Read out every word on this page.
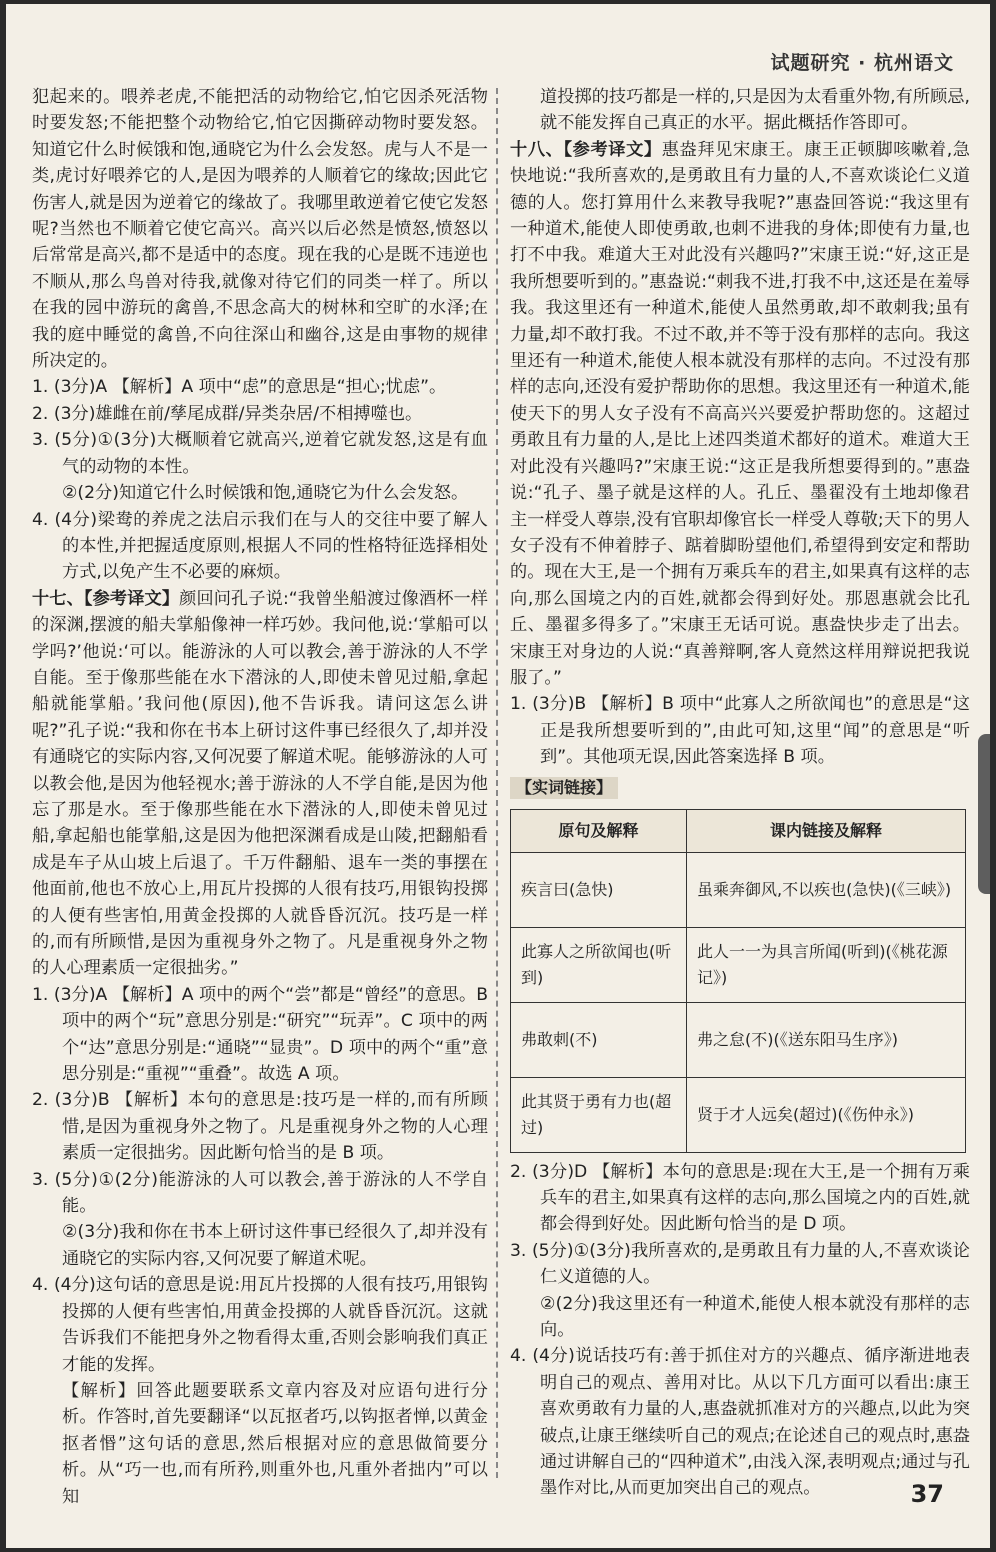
试题研究 · 杭州语文

犯起来的。喂养老虎,不能把活的动物给它,怕它因杀死活物时要发怒;不能把整个动物给它,怕它因撕碎动物时要发怒。知道它什么时候饿和饱,通晓它为什么会发怒。虎与人不是一类,虎讨好喂养它的人,是因为喂养的人顺着它的缘故;因此它伤害人,就是因为逆着它的缘故了。我哪里敢逆着它使它发怒呢?当然也不顺着它使它高兴。高兴以后必然是愤怒,愤怒以后常常是高兴,都不是适中的态度。现在我的心是既不违逆也不顺从,那么鸟兽对待我,就像对待它们的同类一样了。所以在我的园中游玩的禽兽,不思念高大的树林和空旷的水泽;在我的庭中睡觉的禽兽,不向往深山和幽谷,这是由事物的规律所决定的。

1. (3分)A 【解析】A 项中“虑”的意思是“担心;忧虑”。

2. (3分)雄雌在前/孳尾成群/异类杂居/不相搏噬也。

3. (5分)①(3分)大概顺着它就高兴,逆着它就发怒,这是有血气的动物的本性。

②(2分)知道它什么时候饿和饱,通晓它为什么会发怒。

4. (4分)梁鸯的养虎之法启示我们在与人的交往中要了解人的本性,并把握适度原则,根据人不同的性格特征选择相处方式,以免产生不必要的麻烦。

十七、【参考译文】颜回问孔子说:“我曾坐船渡过像酒杯一样的深渊,摆渡的船夫掌船像神一样巧妙。我问他,说:‘掌船可以学吗?’他说:‘可以。能游泳的人可以教会,善于游泳的人不学自能。至于像那些能在水下潜泳的人,即使未曾见过船,拿起船就能掌船。’我问他(原因),他不告诉我。请问这怎么讲呢?”孔子说:“我和你在书本上研讨这件事已经很久了,却并没有通晓它的实际内容,又何况要了解道术呢。能够游泳的人可以教会他,是因为他轻视水;善于游泳的人不学自能,是因为他忘了那是水。至于像那些能在水下潜泳的人,即使未曾见过船,拿起船也能掌船,这是因为他把深渊看成是山陵,把翻船看成是车子从山坡上后退了。千万件翻船、退车一类的事摆在他面前,他也不放心上,用瓦片投掷的人很有技巧,用银钩投掷的人便有些害怕,用黄金投掷的人就昏昏沉沉。技巧是一样的,而有所顾惜,是因为重视身外之物了。凡是重视身外之物的人心理素质一定很拙劣。”

1. (3分)A 【解析】A 项中的两个“尝”都是“曾经”的意思。B 项中的两个“玩”意思分别是:“研究”“玩弄”。C 项中的两个“达”意思分别是:“通晓”“显贵”。D 项中的两个“重”意思分别是:“重视”“重叠”。故选 A 项。

2. (3分)B 【解析】本句的意思是:技巧是一样的,而有所顾惜,是因为重视身外之物了。凡是重视身外之物的人心理素质一定很拙劣。因此断句恰当的是 B 项。

3. (5分)①(2分)能游泳的人可以教会,善于游泳的人不学自能。

②(3分)我和你在书本上研讨这件事已经很久了,却并没有通晓它的实际内容,又何况要了解道术呢。

4. (4分)这句话的意思是说:用瓦片投掷的人很有技巧,用银钩投掷的人便有些害怕,用黄金投掷的人就昏昏沉沉。这就告诉我们不能把身外之物看得太重,否则会影响我们真正才能的发挥。

【解析】回答此题要联系文章内容及对应语句进行分析。作答时,首先要翻译“以瓦抠者巧,以钩抠者惮,以黄金抠者惽”这句话的意思,然后根据对应的意思做简要分析。从“巧一也,而有所矜,则重外也,凡重外者拙内”可以知

道投掷的技巧都是一样的,只是因为太看重外物,有所顾忌,就不能发挥自己真正的水平。据此概括作答即可。

十八、【参考译文】惠盎拜见宋康王。康王正顿脚咳嗽着,急快地说:“我所喜欢的,是勇敢且有力量的人,不喜欢谈论仁义道德的人。您打算用什么来教导我呢?”惠盎回答说:“我这里有一种道术,能使人即使勇敢,也刺不进我的身体;即使有力量,也打不中我。难道大王对此没有兴趣吗?”宋康王说:“好,这正是我所想要听到的。”惠盎说:“刺我不进,打我不中,这还是在羞辱我。我这里还有一种道术,能使人虽然勇敢,却不敢刺我;虽有力量,却不敢打我。不过不敢,并不等于没有那样的志向。我这里还有一种道术,能使人根本就没有那样的志向。不过没有那样的志向,还没有爱护帮助你的思想。我这里还有一种道术,能使天下的男人女子没有不高高兴兴要爱护帮助您的。这超过勇敢且有力量的人,是比上述四类道术都好的道术。难道大王对此没有兴趣吗?”宋康王说:“这正是我所想要得到的。”惠盎说:“孔子、墨子就是这样的人。孔丘、墨翟没有土地却像君主一样受人尊崇,没有官职却像官长一样受人尊敬;天下的男人女子没有不伸着脖子、踮着脚盼望他们,希望得到安定和帮助的。现在大王,是一个拥有万乘兵车的君主,如果真有这样的志向,那么国境之内的百姓,就都会得到好处。那恩惠就会比孔丘、墨翟多得多了。”宋康王无话可说。惠盎快步走了出去。宋康王对身边的人说:“真善辩啊,客人竟然这样用辩说把我说服了。”

1. (3分)B 【解析】B 项中“此寡人之所欲闻也”的意思是“这正是我所想要听到的”,由此可知,这里“闻”的意思是“听到”。其他项无误,因此答案选择 B 项。

【实词链接】
原句及解释	课内链接及解释
疾言曰(急快)	虽乘奔御风,不以疾也(急快)(《三峡》)
此寡人之所欲闻也(听到)	此人一一为具言所闻(听到)(《桃花源记》)
弗敢刺(不)	弗之怠(不)(《送东阳马生序》)
此其贤于勇有力也(超过)	贤于才人远矣(超过)(《伤仲永》)

2. (3分)D 【解析】本句的意思是:现在大王,是一个拥有万乘兵车的君主,如果真有这样的志向,那么国境之内的百姓,就都会得到好处。因此断句恰当的是 D 项。

3. (5分)①(3分)我所喜欢的,是勇敢且有力量的人,不喜欢谈论仁义道德的人。

②(2分)我这里还有一种道术,能使人根本就没有那样的志向。

4. (4分)说话技巧有:善于抓住对方的兴趣点、循序渐进地表明自己的观点、善用对比。从以下几方面可以看出:康王喜欢勇敢有力量的人,惠盎就抓准对方的兴趣点,以此为突破点,让康王继续听自己的观点;在论述自己的观点时,惠盎通过讲解自己的“四种道术”,由浅入深,表明观点;通过与孔墨作对比,从而更加突出自己的观点。	37
